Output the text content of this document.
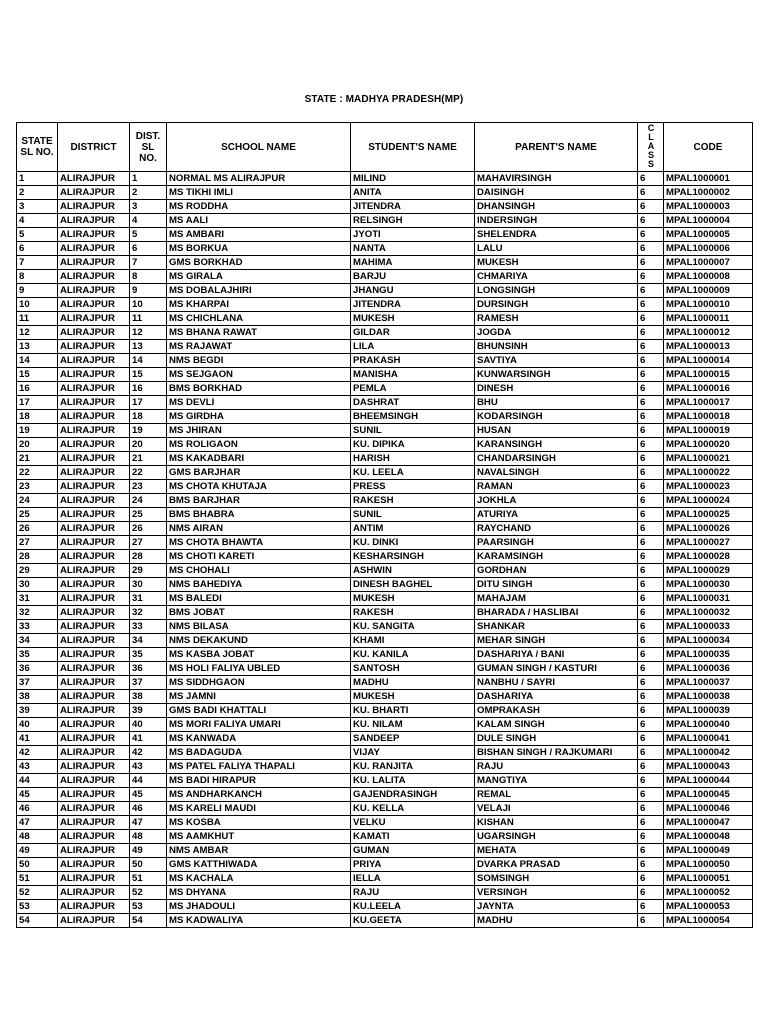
STATE : MADHYA PRADESH(MP)
STATE SL NO.	DISTRICT	DIST. SL NO.	SCHOOL NAME	STUDENT'S NAME	PARENT'S NAME	CLASS	CODE
1	ALIRAJPUR	1	NORMAL MS ALIRAJPUR	MILIND	MAHAVIRSINGH	6	MPAL1000001
2	ALIRAJPUR	2	MS TIKHI IMLI	ANITA	DAISINGH	6	MPAL1000002
3	ALIRAJPUR	3	MS RODDHA	JITENDRA	DHANSINGH	6	MPAL1000003
4	ALIRAJPUR	4	MS AALI	RELSINGH	INDERSINGH	6	MPAL1000004
5	ALIRAJPUR	5	MS AMBARI	JYOTI	SHELENDRA	6	MPAL1000005
6	ALIRAJPUR	6	MS BORKUA	NANTA	LALU	6	MPAL1000006
7	ALIRAJPUR	7	GMS BORKHAD	MAHIMA	MUKESH	6	MPAL1000007
8	ALIRAJPUR	8	MS GIRALA	BARJU	CHMARIYA	6	MPAL1000008
9	ALIRAJPUR	9	MS DOBALAJHIRI	JHANGU	LONGSINGH	6	MPAL1000009
10	ALIRAJPUR	10	MS KHARPAI	JITENDRA	DURSINGH	6	MPAL1000010
11	ALIRAJPUR	11	MS CHICHLANA	MUKESH	RAMESH	6	MPAL1000011
12	ALIRAJPUR	12	MS BHANA RAWAT	GILDAR	JOGDA	6	MPAL1000012
13	ALIRAJPUR	13	MS RAJAWAT	LILA	BHUNSINH	6	MPAL1000013
14	ALIRAJPUR	14	NMS BEGDI	PRAKASH	SAVTIYA	6	MPAL1000014
15	ALIRAJPUR	15	MS SEJGAON	MANISHA	KUNWARSINGH	6	MPAL1000015
16	ALIRAJPUR	16	BMS BORKHAD	PEMLA	DINESH	6	MPAL1000016
17	ALIRAJPUR	17	MS DEVLI	DASHRAT	BHU	6	MPAL1000017
18	ALIRAJPUR	18	MS GIRDHA	BHEEMSINGH	KODARSINGH	6	MPAL1000018
19	ALIRAJPUR	19	MS JHIRAN	SUNIL	HUSAN	6	MPAL1000019
20	ALIRAJPUR	20	MS ROLIGAON	KU. DIPIKA	KARANSINGH	6	MPAL1000020
21	ALIRAJPUR	21	MS KAKADBARI	HARISH	CHANDARSINGH	6	MPAL1000021
22	ALIRAJPUR	22	GMS BARJHAR	KU. LEELA	NAVALSINGH	6	MPAL1000022
23	ALIRAJPUR	23	MS CHOTA KHUTAJA	PRESS	RAMAN	6	MPAL1000023
24	ALIRAJPUR	24	BMS BARJHAR	RAKESH	JOKHLA	6	MPAL1000024
25	ALIRAJPUR	25	BMS BHABRA	SUNIL	ATURIYA	6	MPAL1000025
26	ALIRAJPUR	26	NMS AIRAN	ANTIM	RAYCHAND	6	MPAL1000026
27	ALIRAJPUR	27	MS CHOTA BHAWTA	KU. DINKI	PAARSINGH	6	MPAL1000027
28	ALIRAJPUR	28	MS CHOTI KARETI	KESHARSINGH	KARAMSINGH	6	MPAL1000028
29	ALIRAJPUR	29	MS CHOHALI	ASHWIN	GORDHAN	6	MPAL1000029
30	ALIRAJPUR	30	NMS BAHEDIYA	DINESH BAGHEL	DITU SINGH	6	MPAL1000030
31	ALIRAJPUR	31	MS BALEDI	MUKESH	MAHAJAM	6	MPAL1000031
32	ALIRAJPUR	32	BMS JOBAT	RAKESH	BHARADA / HASLIBAI	6	MPAL1000032
33	ALIRAJPUR	33	NMS BILASA	KU. SANGITA	SHANKAR	6	MPAL1000033
34	ALIRAJPUR	34	NMS DEKAKUND	KHAMI	MEHAR SINGH	6	MPAL1000034
35	ALIRAJPUR	35	MS KASBA JOBAT	KU. KANILA	DASHARIYA / BANI	6	MPAL1000035
36	ALIRAJPUR	36	MS HOLI FALIYA UBLED	SANTOSH	GUMAN SINGH / KASTURI	6	MPAL1000036
37	ALIRAJPUR	37	MS SIDDHGAON	MADHU	NANBHU / SAYRI	6	MPAL1000037
38	ALIRAJPUR	38	MS JAMNI	MUKESH	DASHARIYA	6	MPAL1000038
39	ALIRAJPUR	39	GMS BADI KHATTALI	KU. BHARTI	OMPRAKASH	6	MPAL1000039
40	ALIRAJPUR	40	MS MORI FALIYA UMARI	KU. NILAM	KALAM SINGH	6	MPAL1000040
41	ALIRAJPUR	41	MS KANWADA	SANDEEP	DULE SINGH	6	MPAL1000041
42	ALIRAJPUR	42	MS BADAGUDA	VIJAY	BISHAN SINGH / RAJKUMARI	6	MPAL1000042
43	ALIRAJPUR	43	MS PATEL FALIYA THAPALI	KU. RANJITA	RAJU	6	MPAL1000043
44	ALIRAJPUR	44	MS BADI HIRAPUR	KU. LALITA	MANGTIYA	6	MPAL1000044
45	ALIRAJPUR	45	MS ANDHARKANCH	GAJENDRASINGH	REMAL	6	MPAL1000045
46	ALIRAJPUR	46	MS KARELI MAUDI	KU. KELLA	VELAJI	6	MPAL1000046
47	ALIRAJPUR	47	MS KOSBA	VELKU	KISHAN	6	MPAL1000047
48	ALIRAJPUR	48	MS AAMKHUT	KAMATI	UGARSINGH	6	MPAL1000048
49	ALIRAJPUR	49	NMS AMBAR	GUMAN	MEHATA	6	MPAL1000049
50	ALIRAJPUR	50	GMS KATTHIWADA	PRIYA	DVARKA PRASAD	6	MPAL1000050
51	ALIRAJPUR	51	MS KACHALA	IELLA	SOMSINGH	6	MPAL1000051
52	ALIRAJPUR	52	MS DHYANA	RAJU	VERSINGH	6	MPAL1000052
53	ALIRAJPUR	53	MS JHADOULI	KU.LEELA	JAYNTA	6	MPAL1000053
54	ALIRAJPUR	54	MS KADWALIYA	KU.GEETA	MADHU	6	MPAL1000054
